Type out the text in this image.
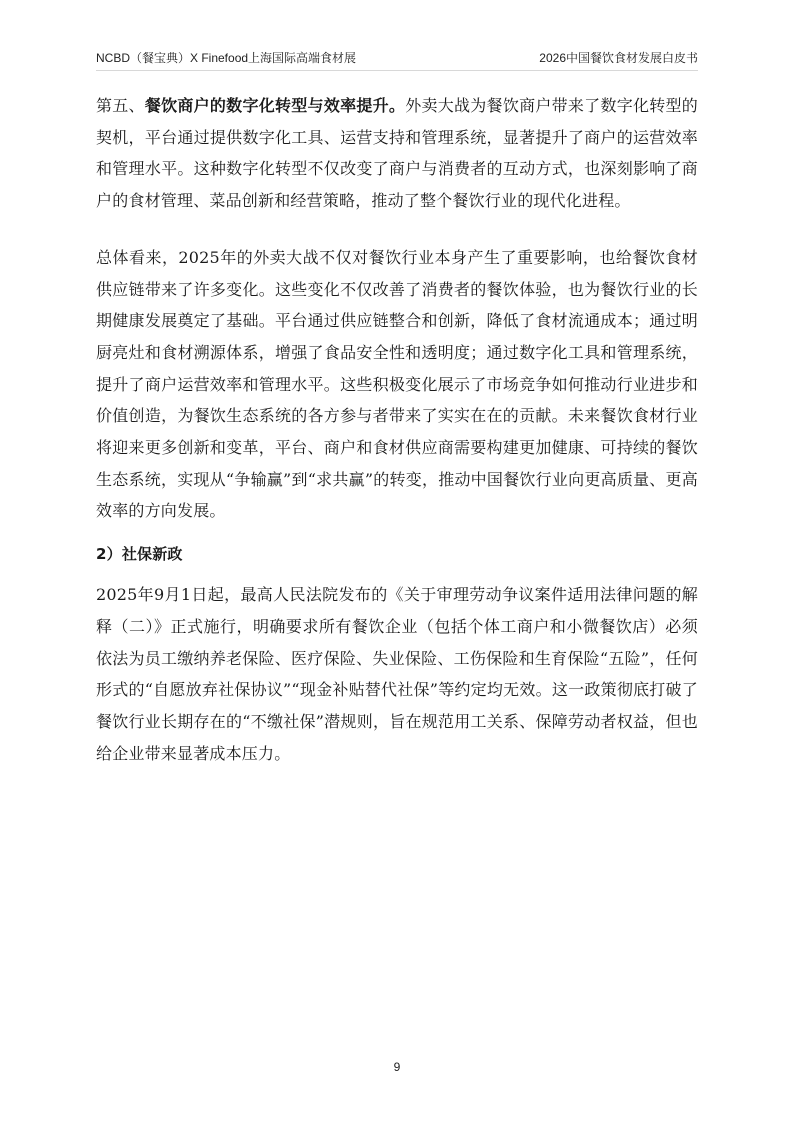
NCBD（餐宝典）X Finefood上海国际高端食材展	2026中国餐饮食材发展白皮书

第五、餐饮商户的数字化转型与效率提升。外卖大战为餐饮商户带来了数字化转型的契机，平台通过提供数字化工具、运营支持和管理系统，显著提升了商户的运营效率和管理水平。这种数字化转型不仅改变了商户与消费者的互动方式，也深刻影响了商户的食材管理、菜品创新和经营策略，推动了整个餐饮行业的现代化进程。

总体看来，2025年的外卖大战不仅对餐饮行业本身产生了重要影响，也给餐饮食材供应链带来了许多变化。这些变化不仅改善了消费者的餐饮体验，也为餐饮行业的长期健康发展奠定了基础。平台通过供应链整合和创新，降低了食材流通成本；通过明厨亮灶和食材溯源体系，增强了食品安全性和透明度；通过数字化工具和管理系统，提升了商户运营效率和管理水平。这些积极变化展示了市场竞争如何推动行业进步和价值创造，为餐饮生态系统的各方参与者带来了实实在在的贡献。未来餐饮食材行业将迎来更多创新和变革，平台、商户和食材供应商需要构建更加健康、可持续的餐饮生态系统，实现从“争输赢”到“求共赢”的转变，推动中国餐饮行业向更高质量、更高效率的方向发展。

2）社保新政

2025年9月1日起，最高人民法院发布的《关于审理劳动争议案件适用法律问题的解释（二）》正式施行，明确要求所有餐饮企业（包括个体工商户和小微餐饮店）必须依法为员工缴纳养老保险、医疗保险、失业保险、工伤保险和生育保险“五险”，任何形式的“自愿放弃社保协议”“现金补贴替代社保”等约定均无效。这一政策彻底打破了餐饮行业长期存在的“不缴社保”潜规则，旨在规范用工关系、保障劳动者权益，但也给企业带来显著成本压力。

9
